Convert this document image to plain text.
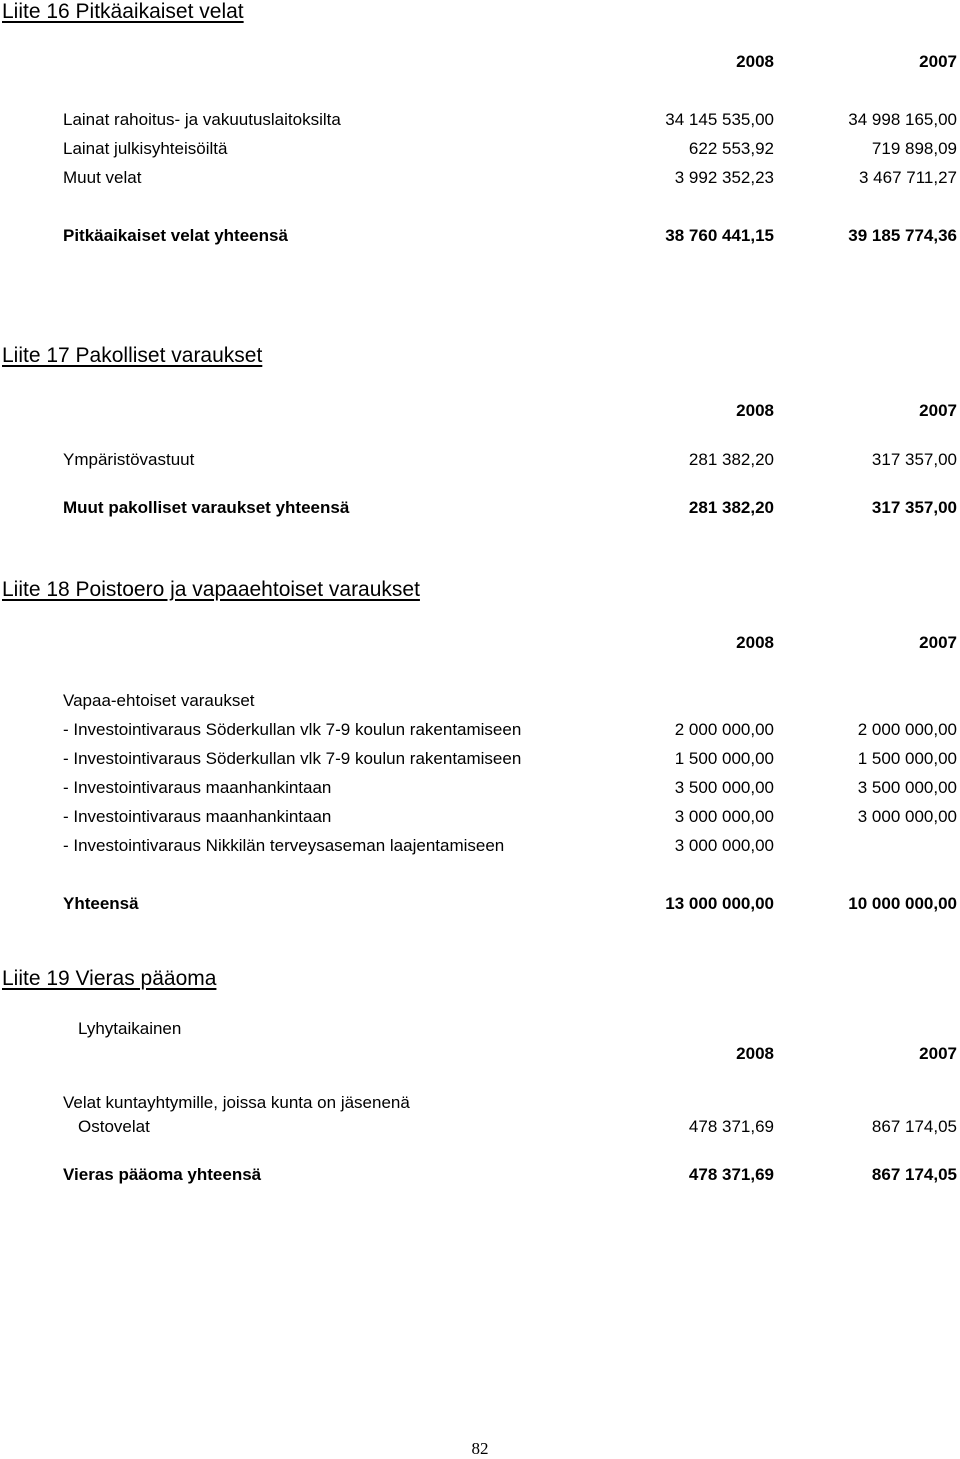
Liite 16 Pitkäaikaiset velat
2008	2007
Lainat rahoitus- ja vakuutuslaitoksilta	34 145 535,00	34 998 165,00
Lainat julkisyhteisöiltä	622 553,92	719 898,09
Muut velat	3 992 352,23	3 467 711,27
Pitkäaikaiset velat yhteensä	38 760 441,15	39 185 774,36
Liite 17 Pakolliset varaukset
2008	2007
Ympäristövastuut	281 382,20	317 357,00
Muut pakolliset varaukset yhteensä	281 382,20	317 357,00
Liite 18 Poistoero ja vapaaehtoiset varaukset
2008	2007
Vapaa-ehtoiset varaukset
- Investointivaraus Söderkullan vlk 7-9 koulun rakentamiseen	2 000 000,00	2 000 000,00
- Investointivaraus Söderkullan vlk 7-9 koulun rakentamiseen	1 500 000,00	1 500 000,00
- Investointivaraus maanhankintaan	3 500 000,00	3 500 000,00
- Investointivaraus maanhankintaan	3 000 000,00	3 000 000,00
- Investointivaraus Nikkilän terveysaseman laajentamiseen	3 000 000,00
Yhteensä	13 000 000,00	10 000 000,00
Liite 19 Vieras pääoma
Lyhytaikainen
2008	2007
Velat kuntayhtymille, joissa kunta on jäsenenä
Ostovelat	478 371,69	867 174,05
Vieras pääoma yhteensä	478 371,69	867 174,05
82
